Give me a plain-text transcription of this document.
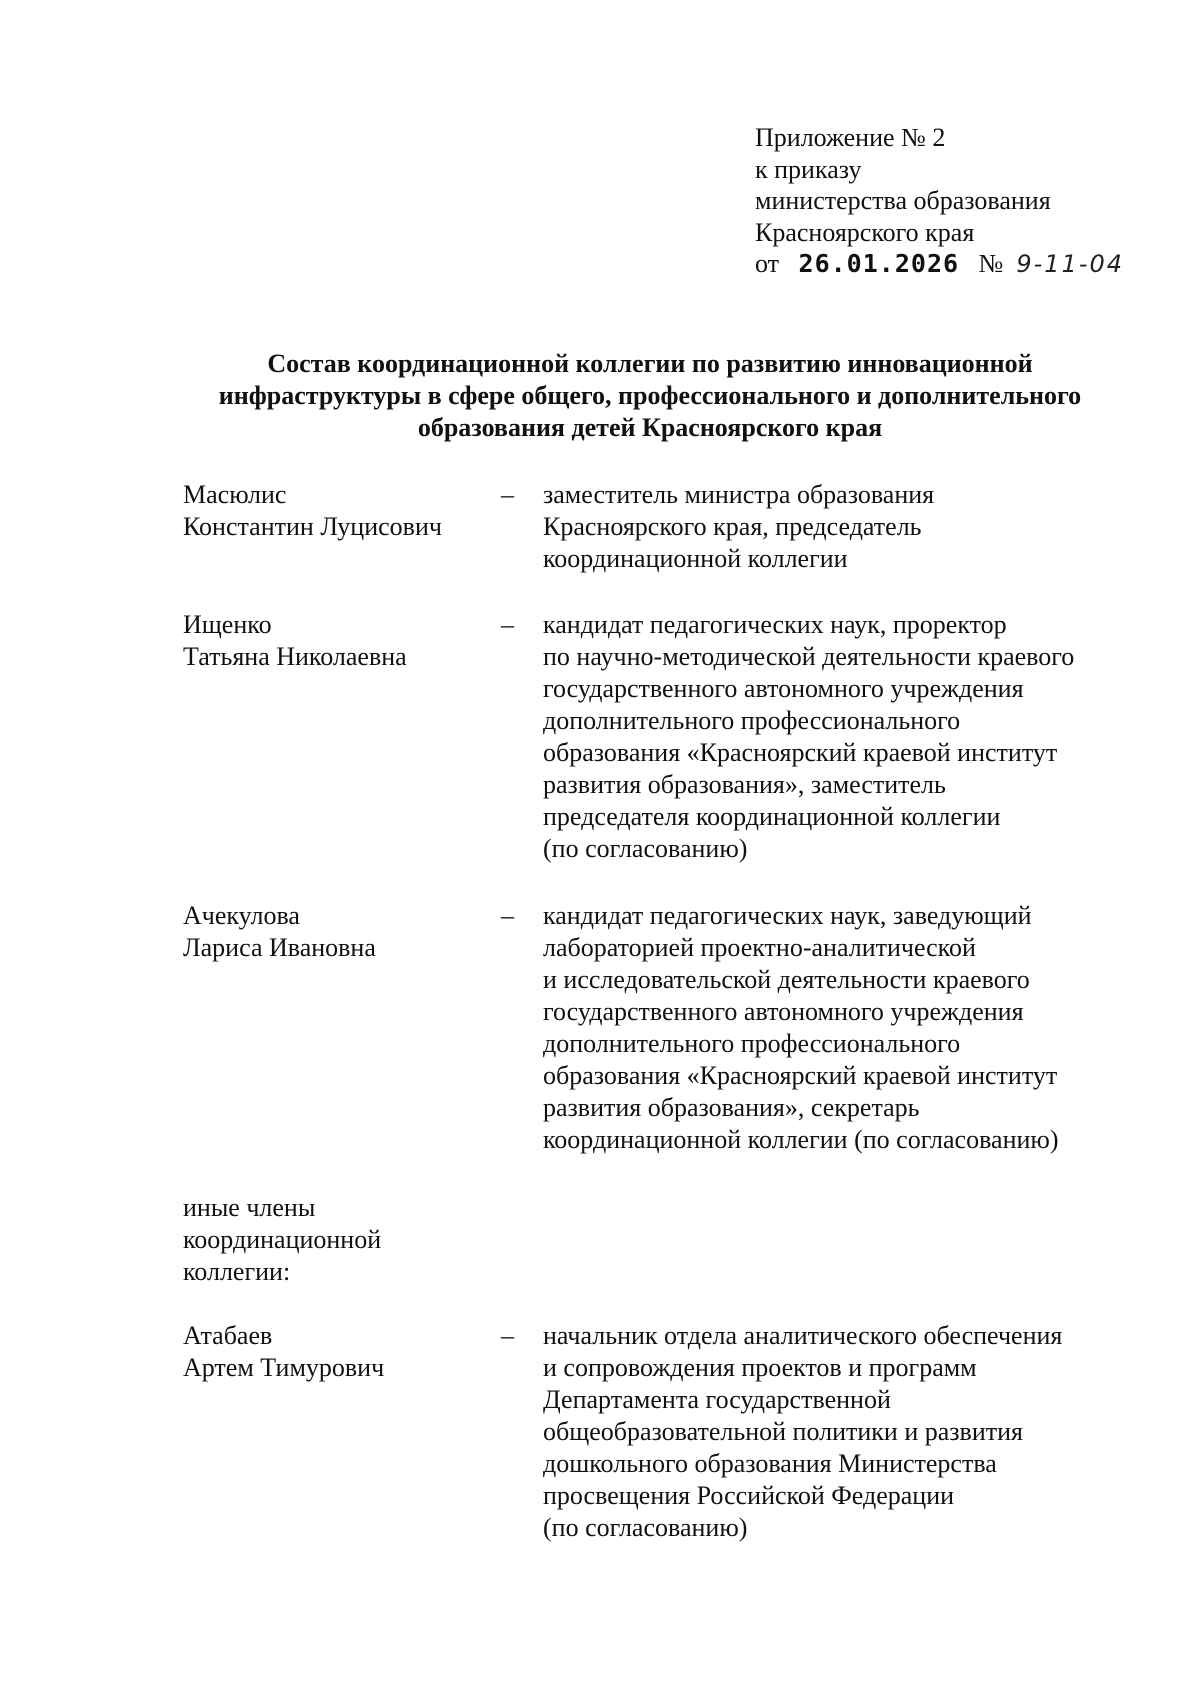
Приложение № 2
к приказу
министерства образования
Красноярского края
от 26.01.2026 № 9-11-04
Состав координационной коллегии по развитию инновационной
инфраструктуры в сфере общего, профессионального и дополнительного
образования детей Красноярского края
Масюлис
Константин Луцисович
– заместитель министра образования
Красноярского края, председатель
координационной коллегии
Ищенко
Татьяна Николаевна
– кандидат педагогических наук, проректор
по научно-методической деятельности краевого
государственного автономного учреждения
дополнительного профессионального
образования «Красноярский краевой институт
развития образования», заместитель
председателя координационной коллегии
(по согласованию)
Ачекулова
Лариса Ивановна
– кандидат педагогических наук, заведующий
лабораторией проектно-аналитической
и исследовательской деятельности краевого
государственного автономного учреждения
дополнительного профессионального
образования «Красноярский краевой институт
развития образования», секретарь
координационной коллегии (по согласованию)
иные члены
координационной
коллегии:
Атабаев
Артем Тимурович
– начальник отдела аналитического обеспечения
и сопровождения проектов и программ
Департамента государственной
общеобразовательной политики и развития
дошкольного образования Министерства
просвещения Российской Федерации
(по согласованию)
